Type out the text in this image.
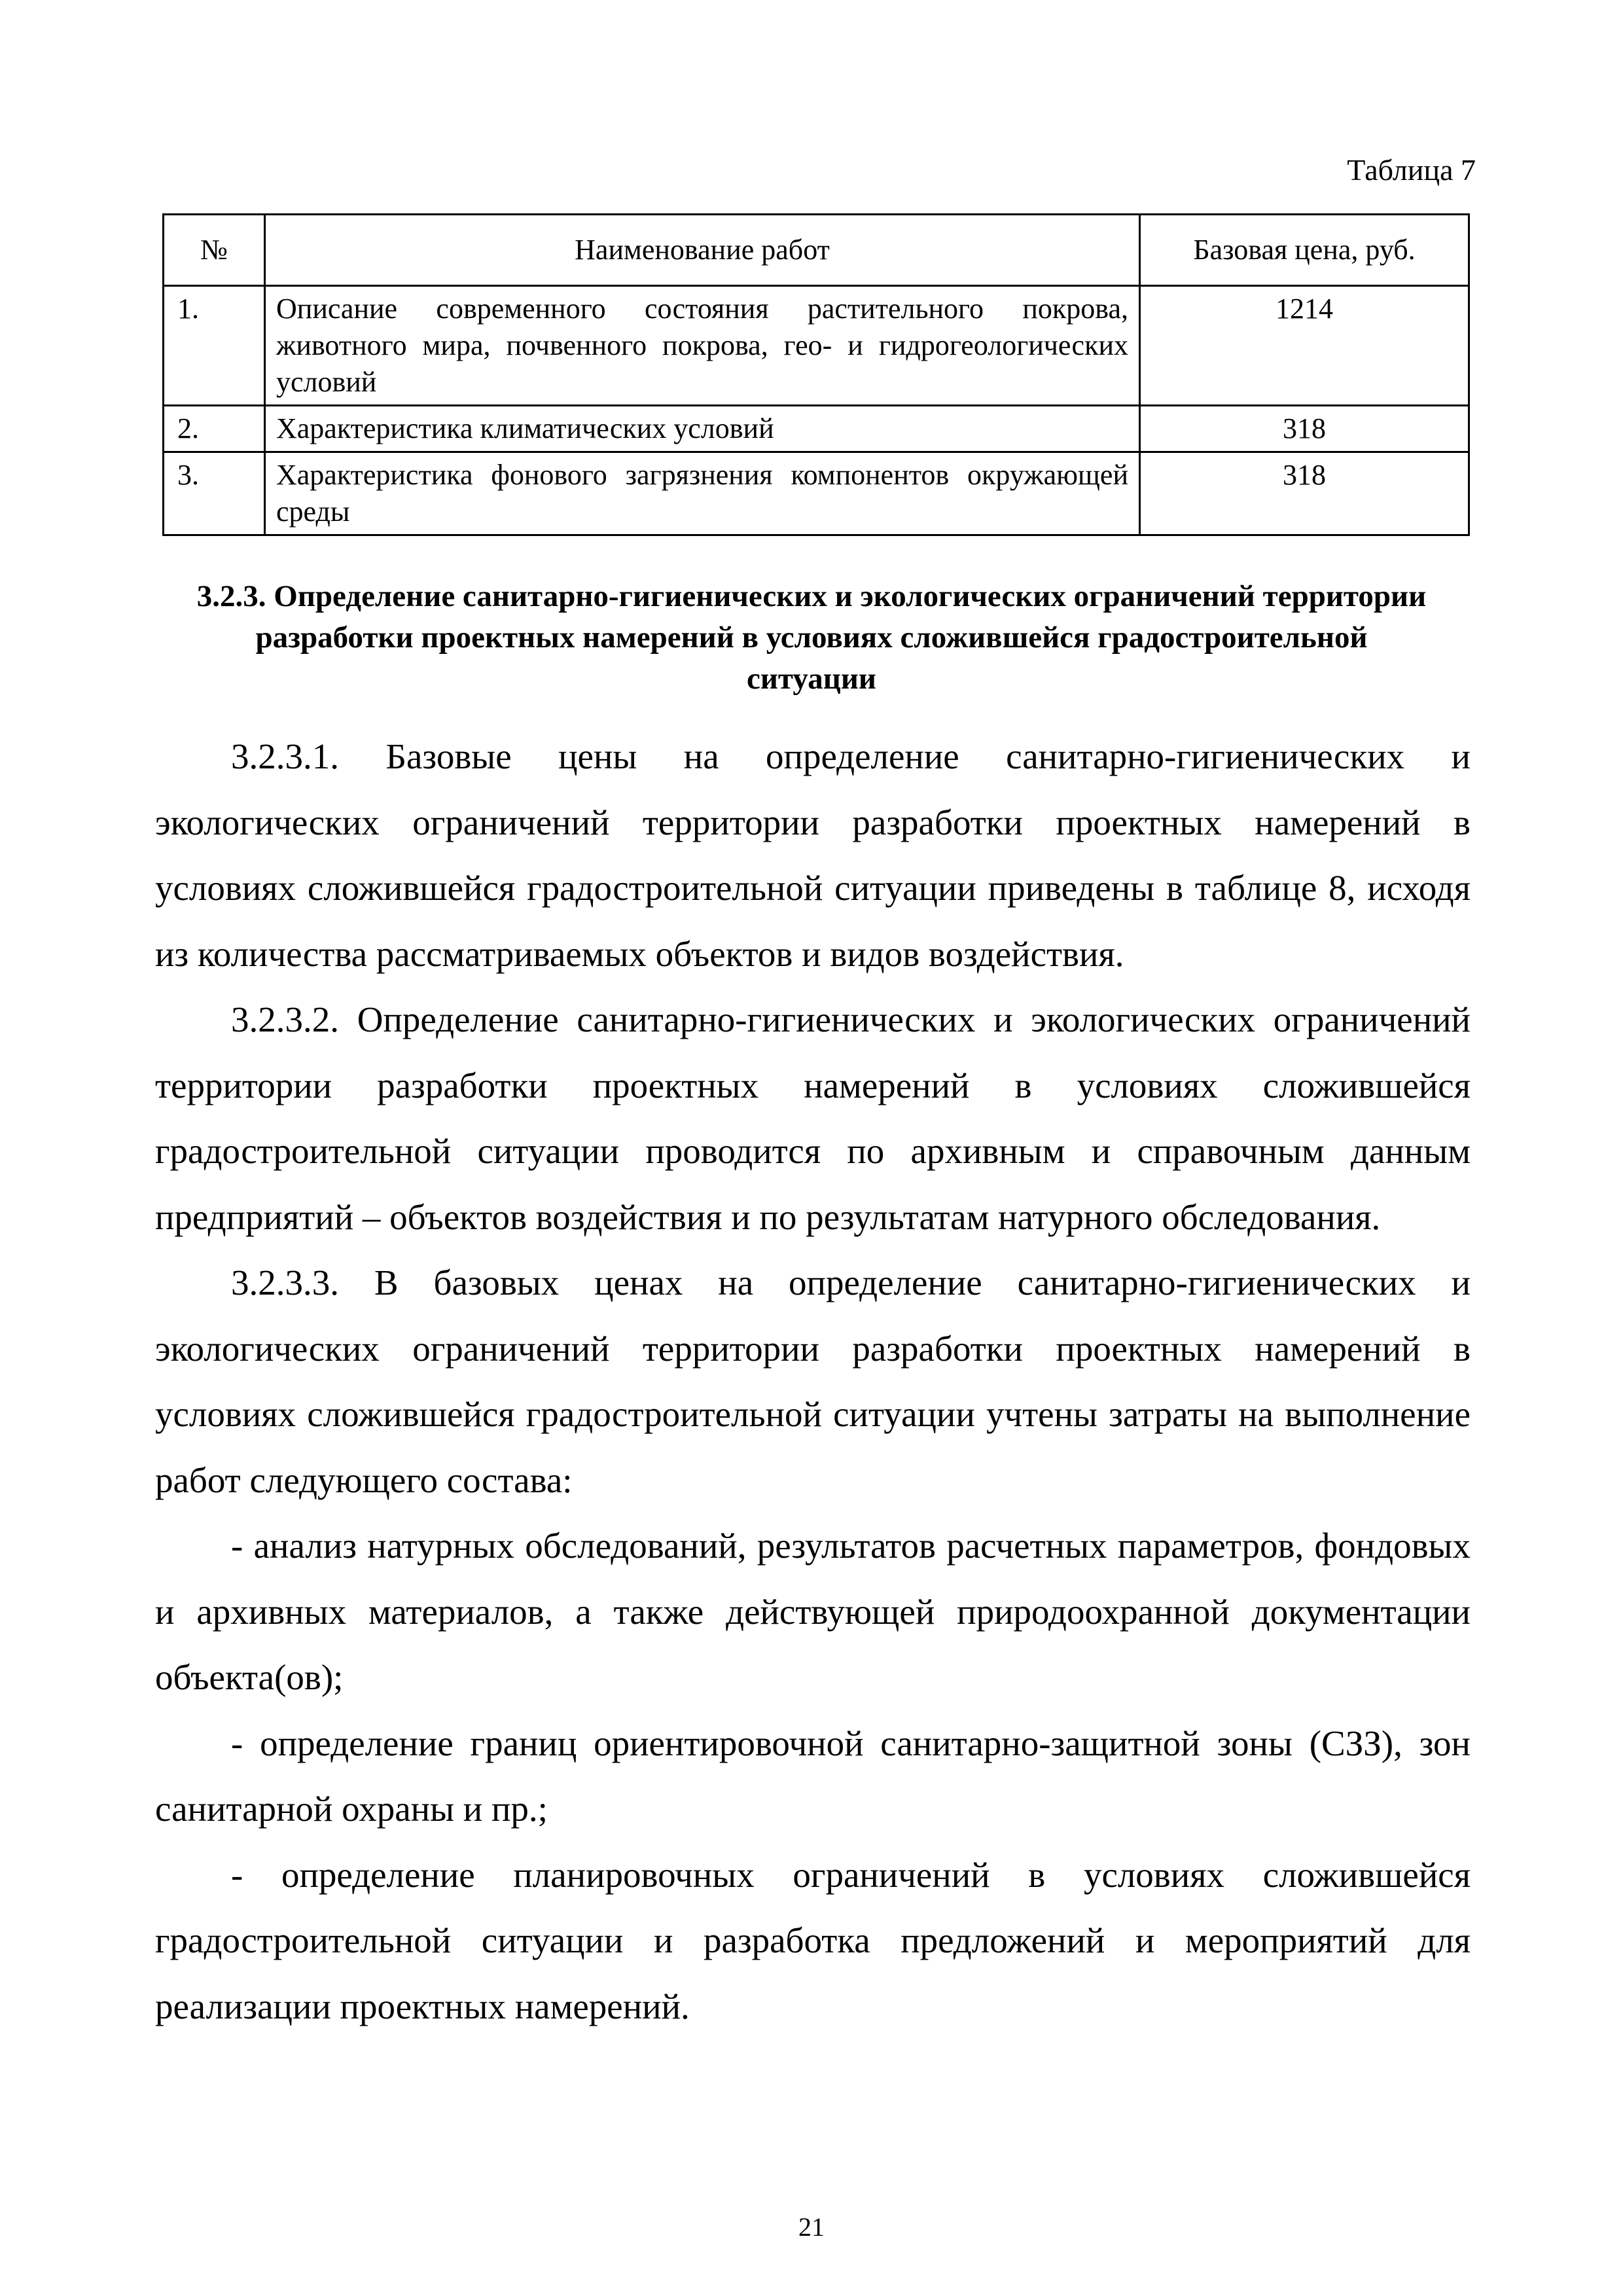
Таблица 7
№	Наименование работ	Базовая цена, руб.
1.	Описание современного состояния растительного покрова, животного мира, почвенного покрова, гео- и гидрогеологических условий	1214
2.	Характеристика климатических условий	318
3.	Характеристика фонового загрязнения компонентов окружающей среды	318
3.2.3. Определение санитарно-гигиенических и экологических ограничений территории разработки проектных намерений в условиях сложившейся градостроительной ситуации

3.2.3.1. Базовые цены на определение санитарно-гигиенических и экологических ограничений территории разработки проектных намерений в условиях сложившейся градостроительной ситуации приведены в таблице 8, исходя из количества рассматриваемых объектов и видов воздействия.

3.2.3.2. Определение санитарно-гигиенических и экологических ограничений территории разработки проектных намерений в условиях сложившейся градостроительной ситуации проводится по архивным и справочным данным предприятий – объектов воздействия и по результатам натурного обследования.

3.2.3.3. В базовых ценах на определение санитарно-гигиенических и экологических ограничений территории разработки проектных намерений в условиях сложившейся градостроительной ситуации учтены затраты на выполнение работ следующего состава:

- анализ натурных обследований, результатов расчетных параметров, фондовых и архивных материалов, а также действующей природоохранной документации объекта(ов);

- определение границ ориентировочной санитарно-защитной зоны (СЗЗ), зон санитарной охраны и пр.;

- определение планировочных ограничений в условиях сложившейся градостроительной ситуации и разработка предложений и мероприятий для реализации проектных намерений.

21
